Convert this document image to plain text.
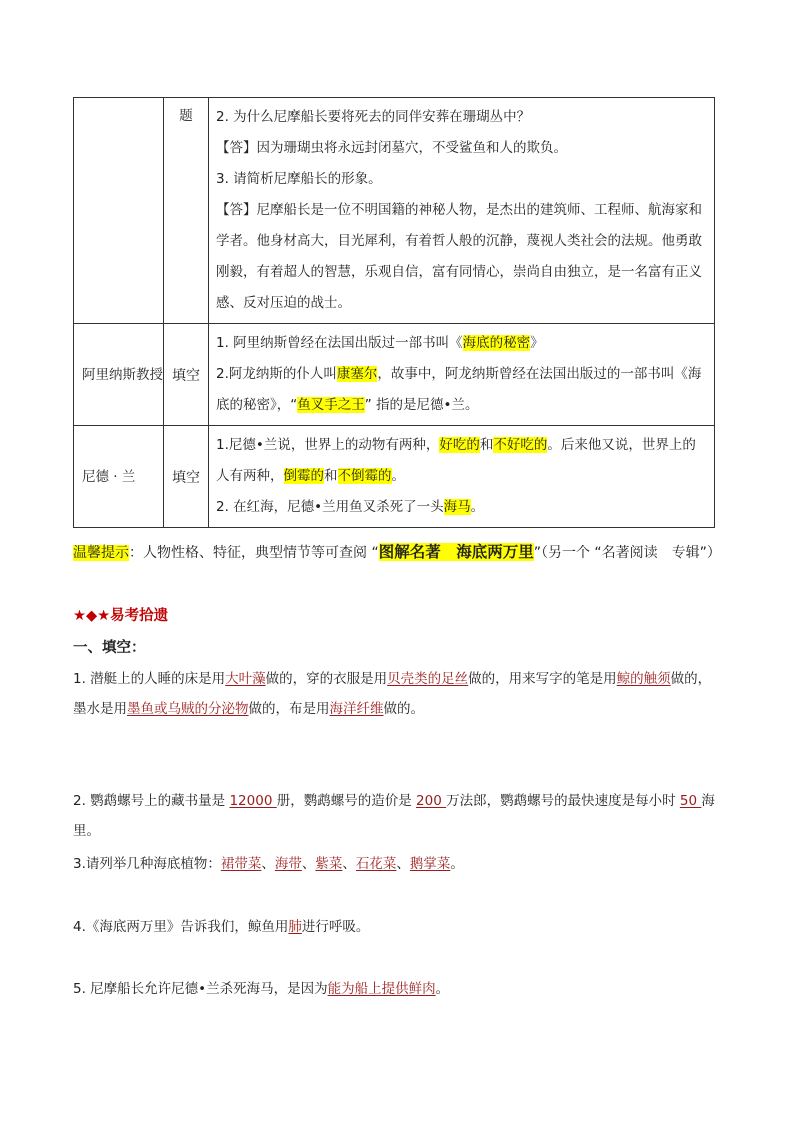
	题	2. 为什么尼摩船长要将死去的同伴安葬在珊瑚丛中？
【答】因为珊瑚虫将永远封闭墓穴，不受鲨鱼和人的欺负。
3. 请简析尼摩船长的形象。
【答】尼摩船长是一位不明国籍的神秘人物，是杰出的建筑师、工程师、航海家和学者。他身材高大，目光犀利，有着哲人般的沉静，蔑视人类社会的法规。他勇敢刚毅，有着超人的智慧，乐观自信，富有同情心，崇尚自由独立，是一名富有正义感、反对压迫的战士。

阿里纳斯教授	填空	1. 阿里纳斯曾经在法国出版过一部书叫《海底的秘密》
2.阿龙纳斯的仆人叫康塞尔，故事中，阿龙纳斯曾经在法国出版过的一部书叫《海底的秘密》，“鱼叉手之王” 指的是尼德•兰。

尼德 · 兰	填空	1.尼德•兰说，世界上的动物有两种，好吃的和不好吃的。后来他又说，世界上的人有两种，倒霉的和不倒霉的。
2. 在红海，尼德•兰用鱼叉杀死了一头海马。
温馨提示：人物性格、特征，典型情节等可查阅 “图解名著　海底两万里”（另一个 “名著阅读　专辑”）
★◆★易考拾遗
一、填空：
1. 潜艇上的人睡的床是用大叶藻做的，穿的衣服是用贝壳类的足丝做的，用来写字的笔是用鲸的触须做的，墨水是用墨鱼或乌贼的分泌物做的，布是用海洋纤维做的。
2. 鹦鹉螺号上的藏书量是 12000 册，鹦鹉螺号的造价是 200 万法郎，鹦鹉螺号的最快速度是每小时 50 海里。
3.请列举几种海底植物：裙带菜、海带、紫菜、石花菜、鹅掌菜。
4.《海底两万里》告诉我们，鲸鱼用肺进行呼吸。
5. 尼摩船长允许尼德•兰杀死海马，是因为能为船上提供鲜肉。
